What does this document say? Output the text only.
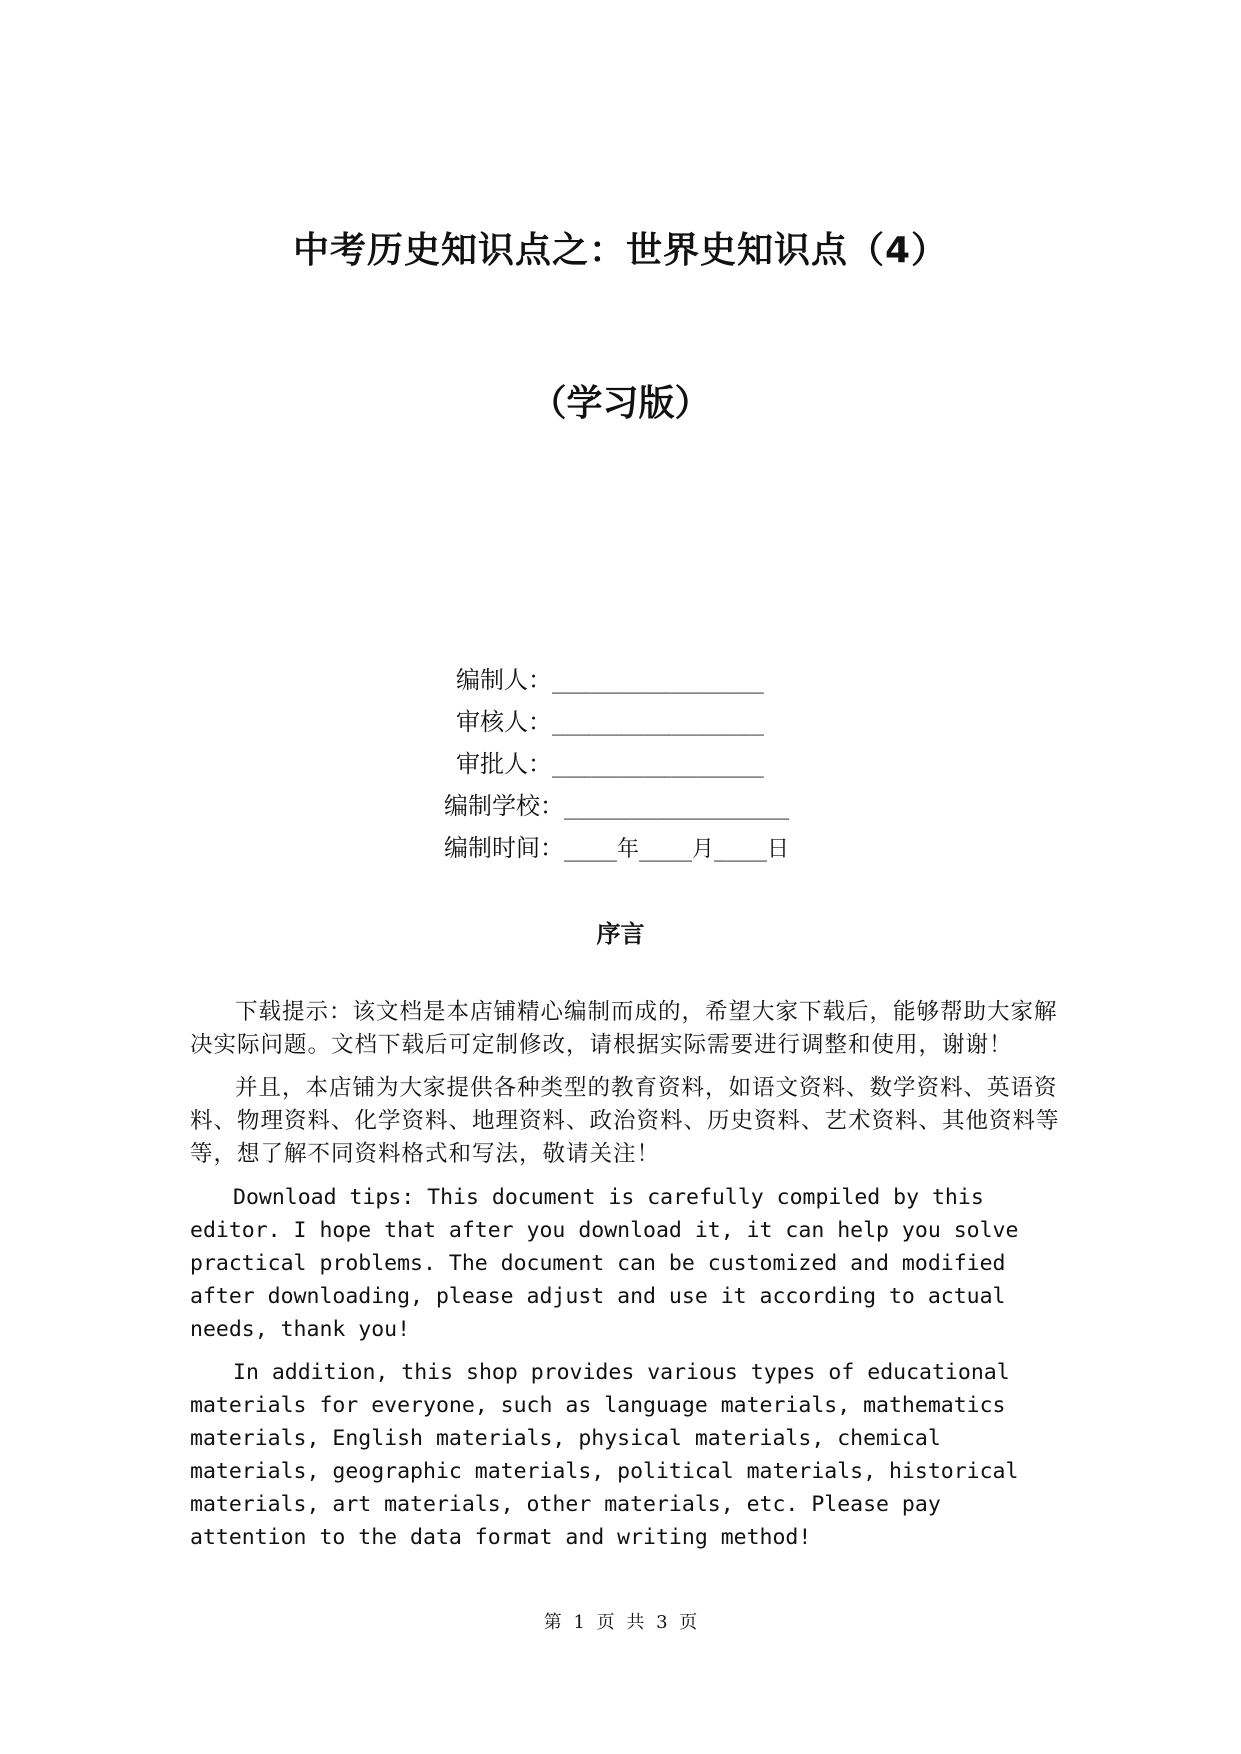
中考历史知识点之：世界史知识点（4）
（学习版）
编制人：________________
审核人：________________
审批人：________________
编制学校：_________________
编制时间：____年____月____日
序言

下载提示：该文档是本店铺精心编制而成的，希望大家下载后，能够帮助大家解决实际问题。文档下载后可定制修改，请根据实际需要进行调整和使用，谢谢！

并且，本店铺为大家提供各种类型的教育资料，如语文资料、数学资料、英语资料、物理资料、化学资料、地理资料、政治资料、历史资料、艺术资料、其他资料等等，想了解不同资料格式和写法，敬请关注！

Download tips: This document is carefully compiled by this editor. I hope that after you download it, it can help you solve practical problems. The document can be customized and modified after downloading, please adjust and use it according to actual needs, thank you!

In addition, this shop provides various types of educational materials for everyone, such as language materials, mathematics materials, English materials, physical materials, chemical materials, geographic materials, political materials, historical materials, art materials, other materials, etc. Please pay attention to the data format and writing method!

第 1 页 共 3 页
